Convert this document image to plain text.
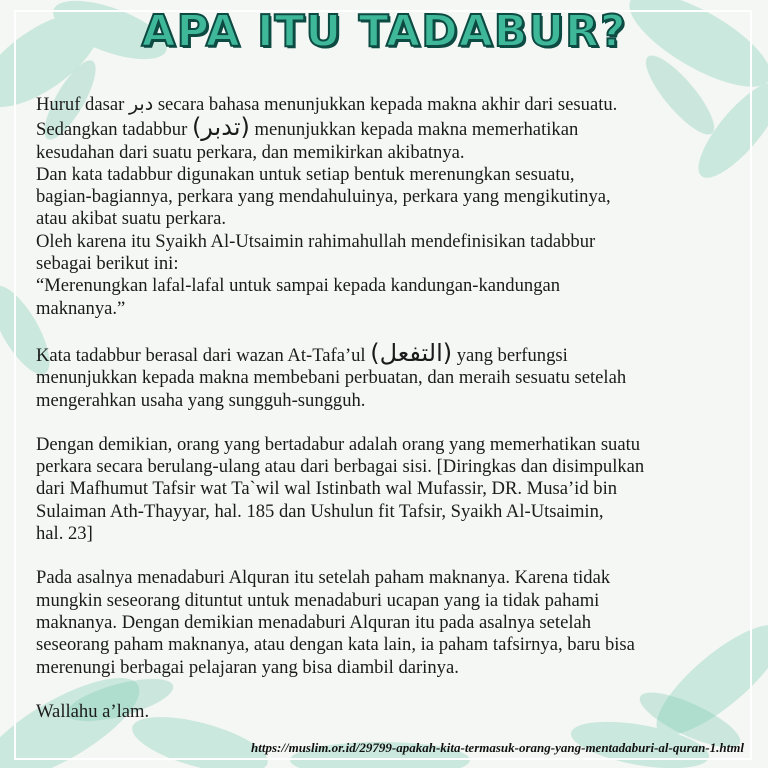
APA ITU TADABUR?

Huruf dasar دبر secara bahasa menunjukkan kepada makna akhir dari sesuatu.
Sedangkan tadabbur (تدبر) menunjukkan kepada makna memerhatikan
kesudahan dari suatu perkara, dan memikirkan akibatnya.
Dan kata tadabbur digunakan untuk setiap bentuk merenungkan sesuatu,
bagian-bagiannya, perkara yang mendahuluinya, perkara yang mengikutinya,
atau akibat suatu perkara.
Oleh karena itu Syaikh Al-Utsaimin rahimahullah mendefinisikan tadabbur
sebagai berikut ini:
“Merenungkan lafal-lafal untuk sampai kepada kandungan-kandungan
maknanya.”

Kata tadabbur berasal dari wazan At-Tafa’ul (التفعل) yang berfungsi
menunjukkan kepada makna membebani perbuatan, dan meraih sesuatu setelah
mengerahkan usaha yang sungguh-sungguh.

Dengan demikian, orang yang bertadabur adalah orang yang memerhatikan suatu
perkara secara berulang-ulang atau dari berbagai sisi. [Diringkas dan disimpulkan
dari Mafhumut Tafsir wat Ta`wil wal Istinbath wal Mufassir, DR. Musa’id bin
Sulaiman Ath-Thayyar, hal. 185 dan Ushulun fit Tafsir, Syaikh Al-Utsaimin,
hal. 23]

Pada asalnya menadaburi Alquran itu setelah paham maknanya. Karena tidak
mungkin seseorang dituntut untuk menadaburi ucapan yang ia tidak pahami
maknanya. Dengan demikian menadaburi Alquran itu pada asalnya setelah
seseorang paham maknanya, atau dengan kata lain, ia paham tafsirnya, baru bisa
merenungi berbagai pelajaran yang bisa diambil darinya.

Wallahu a’lam.

https://muslim.or.id/29799-apakah-kita-termasuk-orang-yang-mentadaburi-al-quran-1.html
